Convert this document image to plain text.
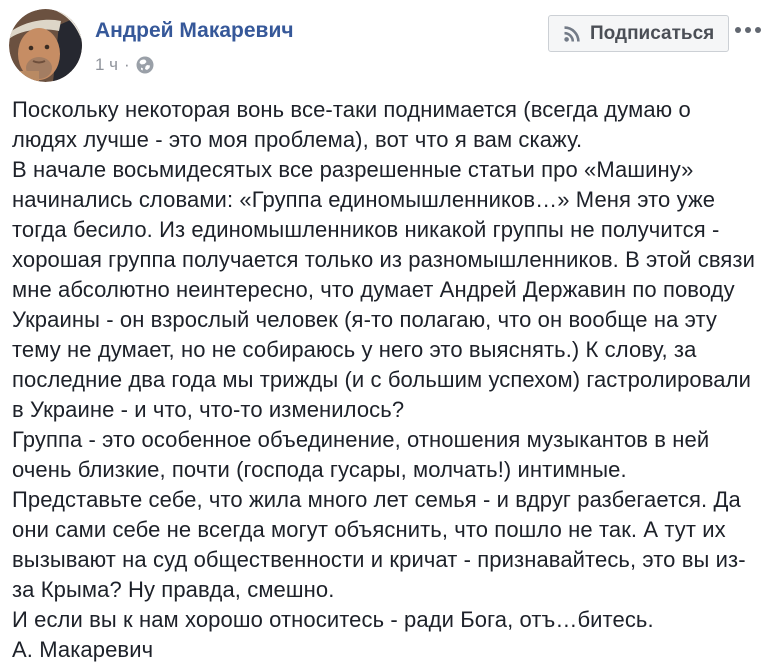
Андрей Макаревич
1 ч ·
Подписаться
Поскольку некоторая вонь все-таки поднимается (всегда думаю о людях лучше - это моя проблема), вот что я вам скажу.
В начале восьмидесятых все разрешенные статьи про «Машину» начинались словами: «Группа единомышленников…» Меня это уже тогда бесило. Из единомышленников никакой группы не получится - хорошая группа получается только из разномышленников. В этой связи мне абсолютно неинтересно, что думает Андрей Державин по поводу Украины - он взрослый человек (я-то полагаю, что он вообще на эту тему не думает, но не собираюсь у него это выяснять.) К слову, за последние два года мы трижды (и с большим успехом) гастролировали в Украине - и что, что-то изменилось?
Группа - это особенное объединение, отношения музыкантов в ней очень близкие, почти (господа гусары, молчать!) интимные. Представьте себе, что жила много лет семья - и вдруг разбегается. Да они сами себе не всегда могут объяснить, что пошло не так. А тут их вызывают на суд общественности и кричат - признавайтесь, это вы из-за Крыма? Ну правда, смешно.
И если вы к нам хорошо относитесь - ради Бога, отъ…битесь.
А. Макаревич
